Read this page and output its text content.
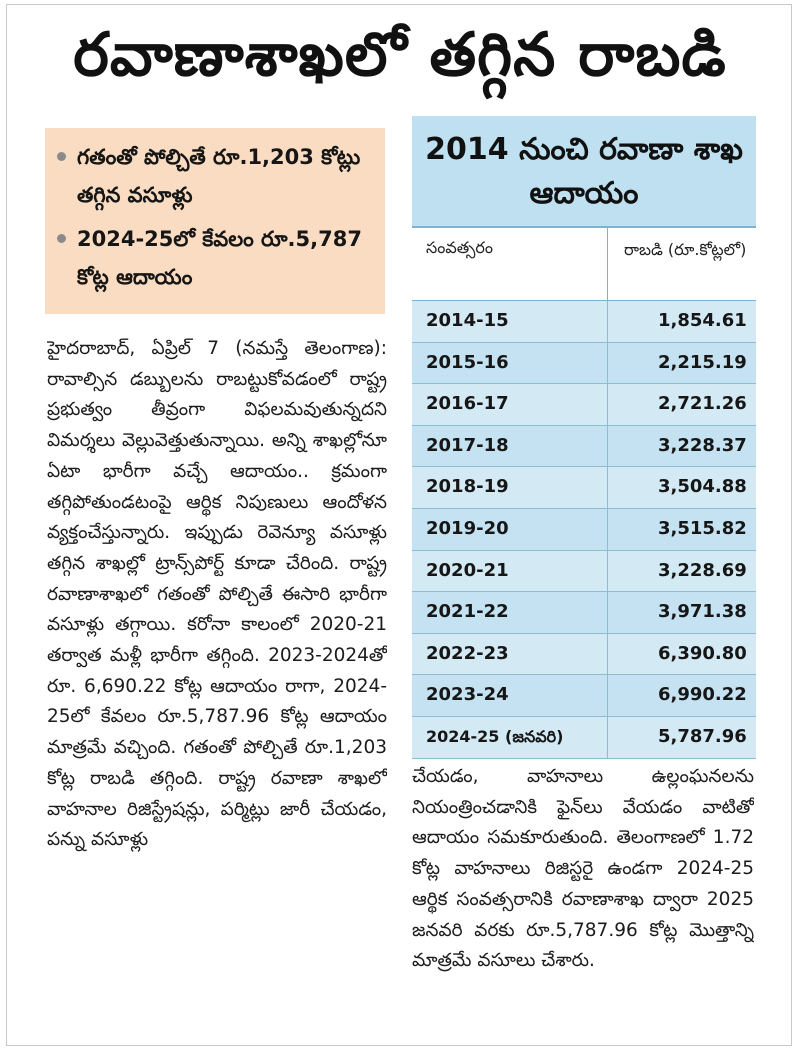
రవాణాశాఖలో తగ్గిన రాబడి
గతంతో పోల్చితే రూ.1,203 కోట్లు తగ్గిన వసూళ్లు
2024-25లో కేవలం రూ.5,787 కోట్ల ఆదాయం
హైదరాబాద్, ఏప్రిల్ 7 (నమస్తే తెలంగాణ): రావాల్సిన డబ్బులను రాబట్టుకోవడంలో రాష్ట్ర ప్రభుత్వం తీవ్రంగా విఫలమవుతున్నదని విమర్శలు వెల్లువెత్తుతున్నాయి. అన్ని శాఖల్లోనూ ఏటా భారీగా వచ్చే ఆదాయం.. క్రమంగా తగ్గిపోతుండటంపై ఆర్థిక నిపుణులు ఆందోళన వ్యక్తంచేస్తున్నారు. ఇప్పుడు రెవెన్యూ వసూళ్లు తగ్గిన శాఖల్లో ట్రాన్స్‌పోర్ట్ కూడా చేరింది. రాష్ట్ర రవాణాశాఖలో గతంతో పోల్చితే ఈసారి భారీగా వసూళ్లు తగ్గాయి. కరోనా కాలంలో 2020-21 తర్వాత మళ్లీ భారీగా తగ్గింది. 2023-2024తో రూ. 6,690.22 కోట్ల ఆదాయం రాగా, 2024-25లో కేవలం రూ.5,787.96 కోట్ల ఆదాయం మాత్రమే వచ్చింది. గతంతో పోల్చితే రూ.1,203 కోట్ల రాబడి తగ్గింది. రాష్ట్ర రవాణా శాఖలో వాహనాల రిజిస్ట్రేషన్లు, పర్మిట్లు జారీ చేయడం, పన్ను వసూళ్లు
2014 నుంచి రవాణా శాఖ ఆదాయం
సంవత్సరం	రాబడి (రూ.కోట్లలో)
2014-15	1,854.61
2015-16	2,215.19
2016-17	2,721.26
2017-18	3,228.37
2018-19	3,504.88
2019-20	3,515.82
2020-21	3,228.69
2021-22	3,971.38
2022-23	6,390.80
2023-24	6,990.22
2024-25 (జనవరి)	5,787.96
చేయడం, వాహనాలు ఉల్లంఘనలను నియంత్రించడానికి ఫైన్‌లు వేయడం వాటితో ఆదాయం సమకూరుతుంది. తెలంగాణలో 1.72 కోట్ల వాహనాలు రిజిస్టరై ఉండగా 2024-25 ఆర్థిక సంవత్సరానికి రవాణాశాఖ ద్వారా 2025 జనవరి వరకు రూ.5,787.96 కోట్ల మొత్తాన్ని మాత్రమే వసూలు చేశారు.
